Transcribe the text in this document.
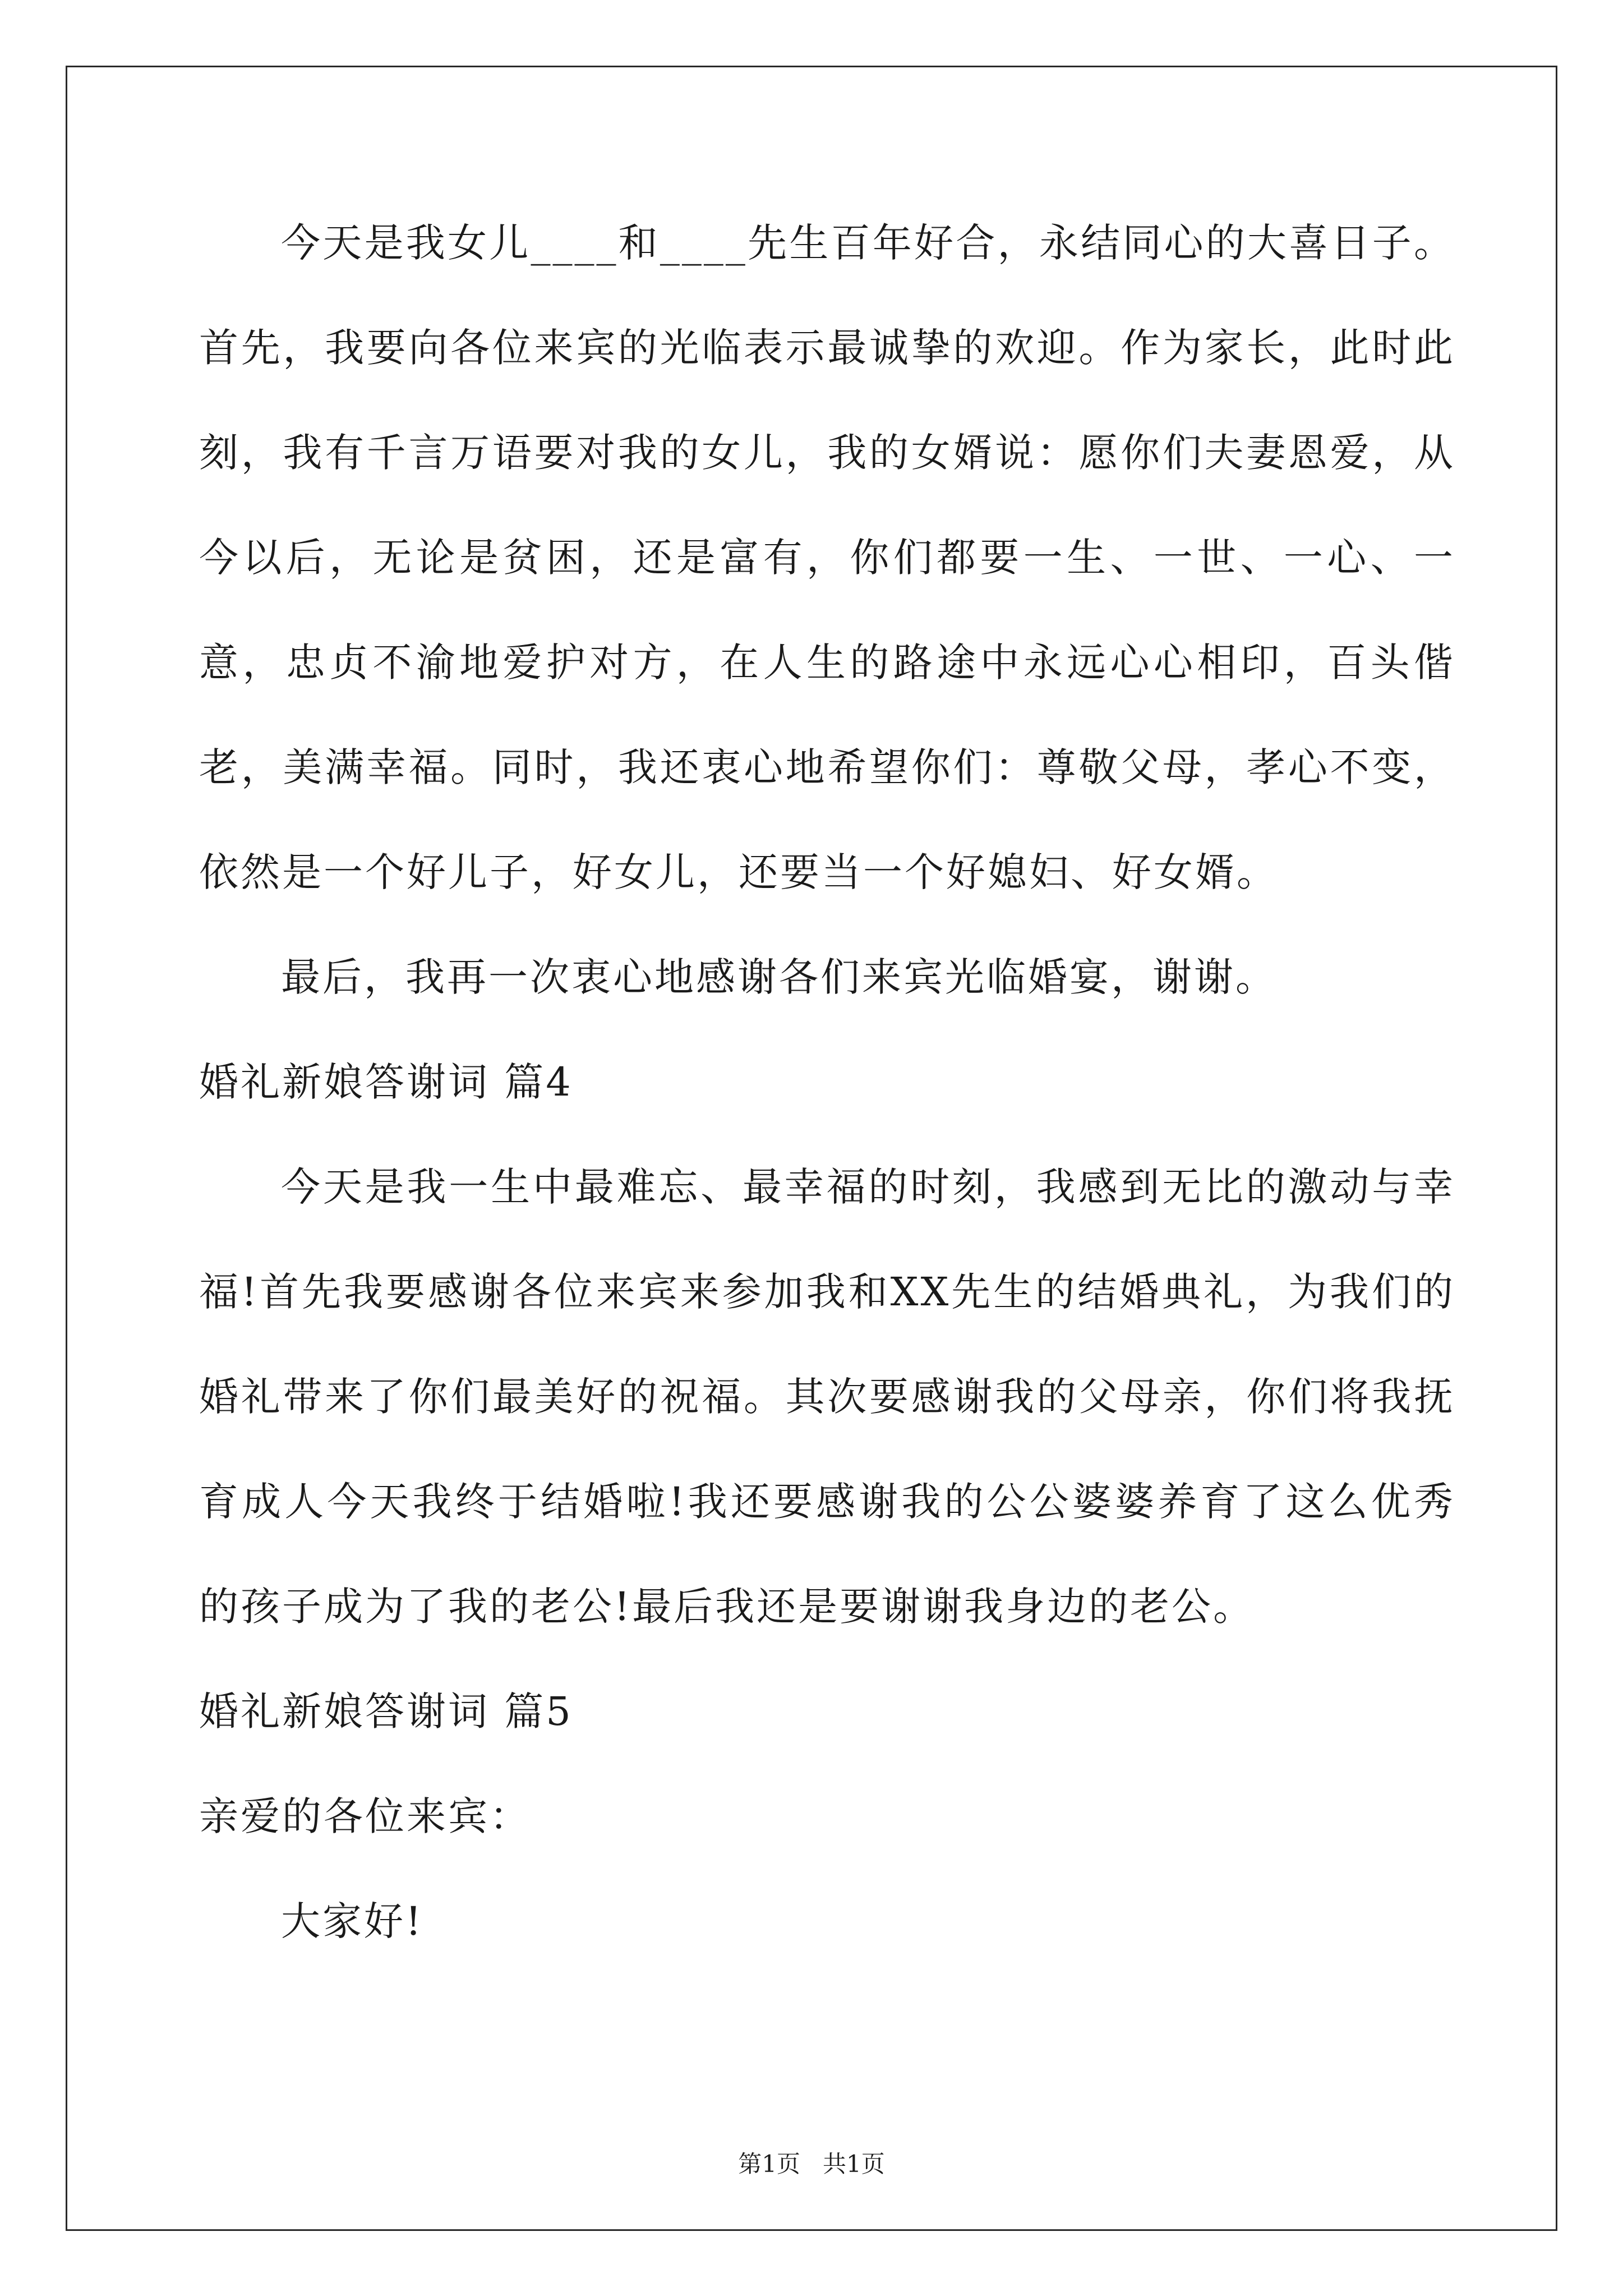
今天是我女儿____和____先生百年好合，永结同心的大喜日子。首先，我要向各位来宾的光临表示最诚挚的欢迎。作为家长，此时此刻，我有千言万语要对我的女儿，我的女婿说：愿你们夫妻恩爱，从今以后，无论是贫困，还是富有，你们都要一生、一世、一心、一意，忠贞不渝地爱护对方，在人生的路途中永远心心相印，百头偕老，美满幸福。同时，我还衷心地希望你们：尊敬父母，孝心不变，依然是一个好儿子，好女儿，还要当一个好媳妇、好女婿。

最后，我再一次衷心地感谢各们来宾光临婚宴，谢谢。

婚礼新娘答谢词 篇4

今天是我一生中最难忘、最幸福的时刻，我感到无比的激动与幸福!首先我要感谢各位来宾来参加我和XX先生的结婚典礼，为我们的婚礼带来了你们最美好的祝福。其次要感谢我的父母亲，你们将我抚育成人今天我终于结婚啦!我还要感谢我的公公婆婆养育了这么优秀的孩子成为了我的老公!最后我还是要谢谢我身边的老公。

婚礼新娘答谢词 篇5

亲爱的各位来宾：

大家好!

第1页   共1页
